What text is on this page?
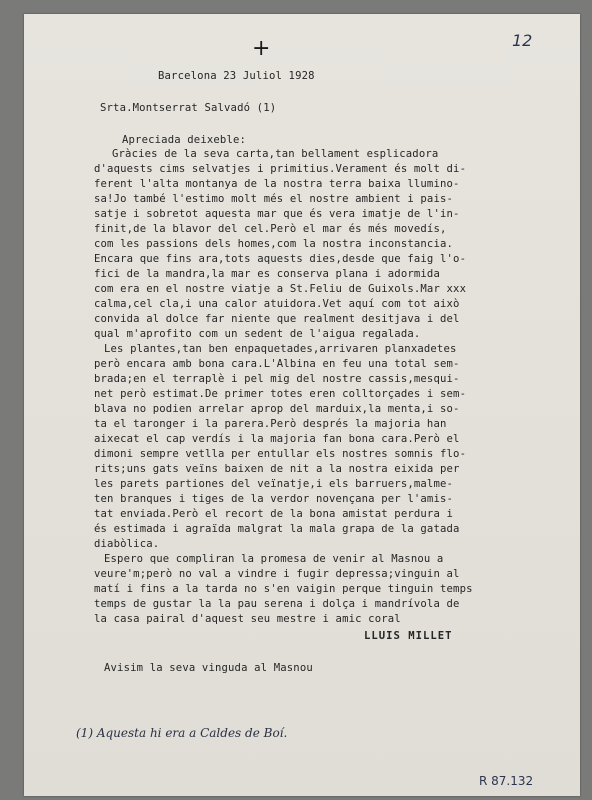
+	12
Barcelona 23 Juliol 1928
Srta.Montserrat Salvadó (1)
Apreciada deixeble:
Gràcies de la seva carta,tan bellament esplicadora
d'aquests cims selvatjes i primitius.Verament és molt di-
ferent l'alta montanya de la nostra terra baixa llumino-
sa!Jo també l'estimo molt més el nostre ambient i pais-
satje i sobretot aquesta mar que és vera imatje de l'in-
finit,de la blavor del cel.Però el mar és més movedís,
com les passions dels homes,com la nostra inconstancia.
Encara que fins ara,tots aquests dies,desde que faig l'o-
fici de la mandra,la mar es conserva plana i adormida
com era en el nostre viatje a St.Feliu de Guixols.Mar xxx
calma,cel cla,i una calor atuidora.Vet aquí com tot això
convida al dolce far niente que realment desitjava i del
qual m'aprofito com un sedent de l'aigua regalada.
Les plantes,tan ben enpaquetades,arrivaren planxadetes
però encara amb bona cara.L'Albina en feu una total sem-
brada;en el terraplè i pel mig del nostre cassis,mesqui-
net però estimat.De primer totes eren colltorçades i sem-
blava no podien arrelar aprop del marduix,la menta,i so-
ta el taronger i la parera.Però després la majoria han
aixecat el cap verdís i la majoria fan bona cara.Però el
dimoni sempre vetlla per entullar els nostres somnis flo-
rits;uns gats veïns baixen de nit a la nostra eixida per
les parets partiones del veïnatje,i els barruers,malme-
ten branques i tiges de la verdor novençana per l'amis-
tat enviada.Però el recort de la bona amistat perdura i
és estimada i agraïda malgrat la mala grapa de la gatada
diabòlica.
Espero que compliran la promesa de venir al Masnou a
veure'm;però no val a vindre i fugir depressa;vinguin al
matí i fins a la tarda no s'en vaigin perque tinguin temps
temps de gustar la la pau serena i dolça i mandrívola de
la casa pairal d'aquest seu mestre i amic coral
LLUIS MILLET
Avisim la seva vinguda al Masnou
(1) Aquesta hi era a Caldes de Boí.
R 87.132
